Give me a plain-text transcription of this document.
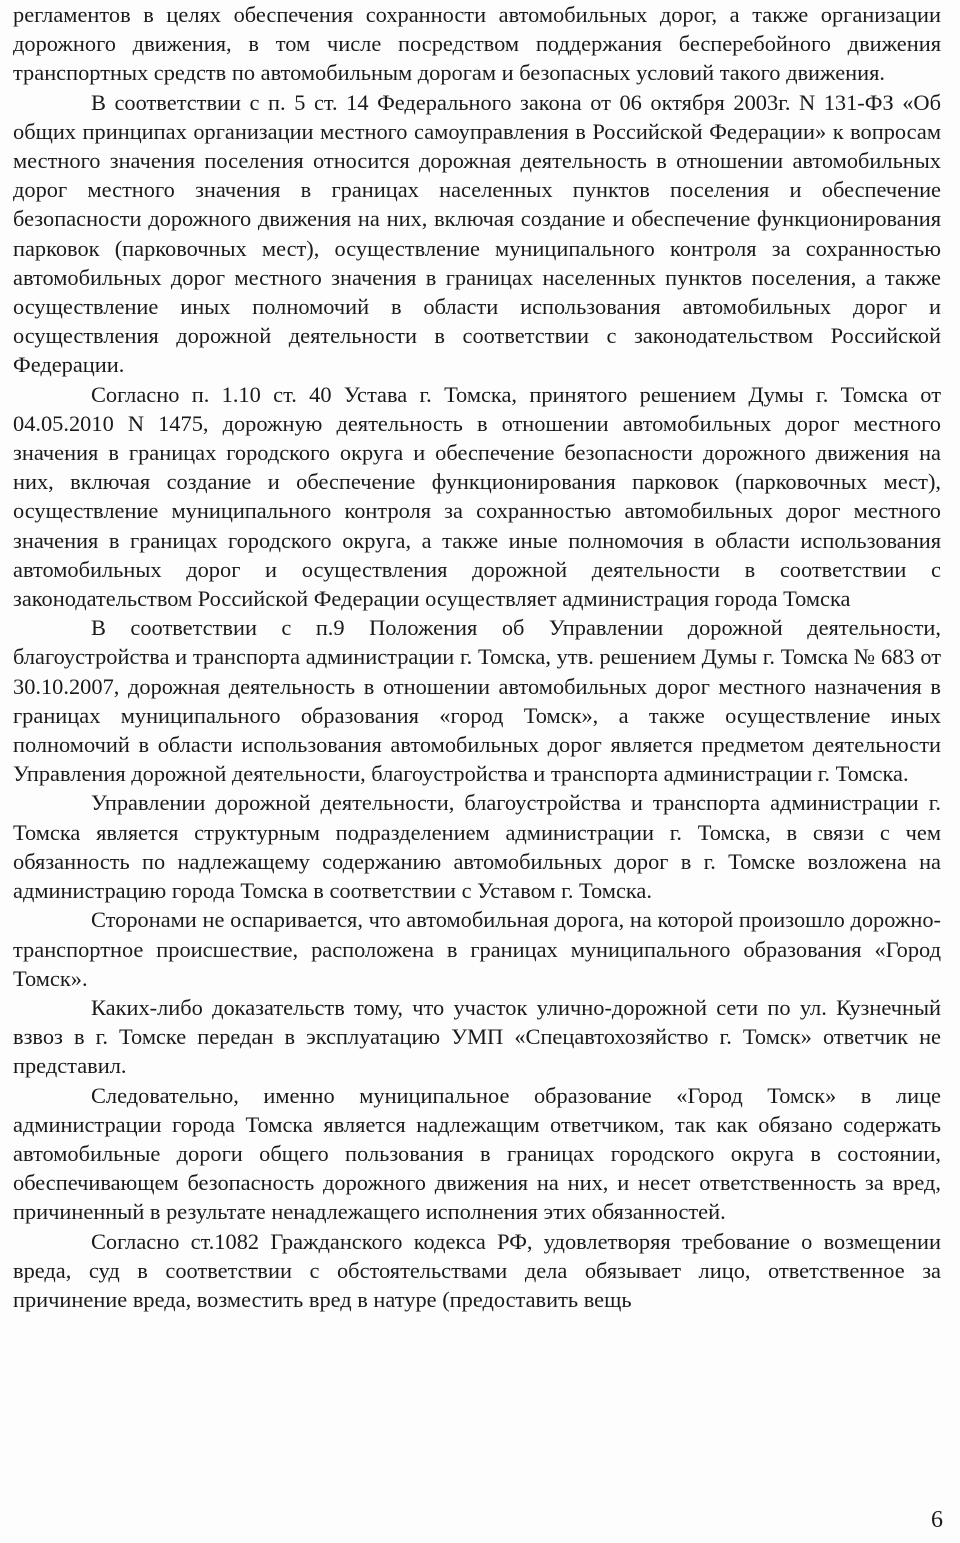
регламентов в целях обеспечения сохранности автомобильных дорог, а также организации дорожного движения, в том числе посредством поддержания бесперебойного движения транспортных средств по автомобильным дорогам и безопасных условий такого движения.

В соответствии с п. 5 ст. 14 Федерального закона от 06 октября 2003г. N 131-ФЗ «Об общих принципах организации местного самоуправления в Российской Федерации» к вопросам местного значения поселения относится дорожная деятельность в отношении автомобильных дорог местного значения в границах населенных пунктов поселения и обеспечение безопасности дорожного движения на них, включая создание и обеспечение функционирования парковок (парковочных мест), осуществление муниципального контроля за сохранностью автомобильных дорог местного значения в границах населенных пунктов поселения, а также осуществление иных полномочий в области использования автомобильных дорог и осуществления дорожной деятельности в соответствии с законодательством Российской Федерации.

Согласно п. 1.10 ст. 40 Устава г. Томска, принятого решением Думы г. Томска от 04.05.2010 N 1475, дорожную деятельность в отношении автомобильных дорог местного значения в границах городского округа и обеспечение безопасности дорожного движения на них, включая создание и обеспечение функционирования парковок (парковочных мест), осуществление муниципального контроля за сохранностью автомобильных дорог местного значения в границах городского округа, а также иные полномочия в области использования автомобильных дорог и осуществления дорожной деятельности в соответствии с законодательством Российской Федерации осуществляет администрация города Томска

В соответствии с п.9 Положения об Управлении дорожной деятельности, благоустройства и транспорта администрации г. Томска, утв. решением Думы г. Томска № 683 от 30.10.2007, дорожная деятельность в отношении автомобильных дорог местного назначения в границах муниципального образования «город Томск», а также осуществление иных полномочий в области использования автомобильных дорог является предметом деятельности Управления дорожной деятельности, благоустройства и транспорта администрации г. Томска.

Управлении дорожной деятельности, благоустройства и транспорта администрации г. Томска является структурным подразделением администрации г. Томска, в связи с чем обязанность по надлежащему содержанию автомобильных дорог в г. Томске возложена на администрацию города Томска в соответствии с Уставом г. Томска.

Сторонами не оспаривается, что автомобильная дорога, на которой произошло дорожно-транспортное происшествие, расположена в границах муниципального образования «Город Томск».

Каких-либо доказательств тому, что участок улично-дорожной сети по ул. Кузнечный взвоз в г. Томске передан в эксплуатацию УМП «Спецавтохозяйство г. Томск» ответчик не представил.

Следовательно, именно муниципальное образование «Город Томск» в лице администрации города Томска является надлежащим ответчиком, так как обязано содержать автомобильные дороги общего пользования в границах городского округа в состоянии, обеспечивающем безопасность дорожного движения на них, и несет ответственность за вред, причиненный в результате ненадлежащего исполнения этих обязанностей.

Согласно ст.1082 Гражданского кодекса РФ, удовлетворяя требование о возмещении вреда, суд в соответствии с обстоятельствами дела обязывает лицо, ответственное за причинение вреда, возместить вред в натуре (предоставить вещь

6
